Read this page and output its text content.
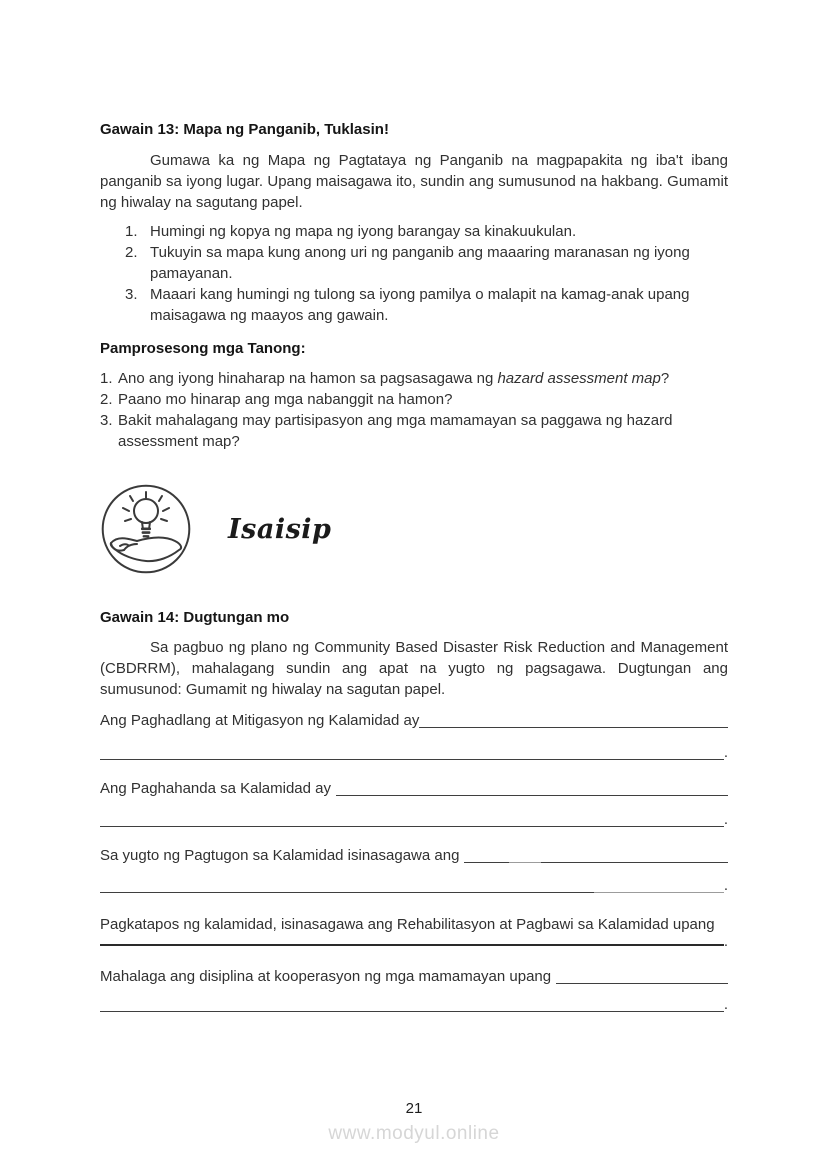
Gawain 13: Mapa ng Panganib, Tuklasin!

Gumawa ka ng Mapa ng Pagtataya ng Panganib na magpapakita ng iba't ibang panganib sa iyong lugar. Upang maisagawa ito, sundin ang sumusunod na hakbang. Gumamit ng hiwalay na sagutang papel.

1. Humingi ng kopya ng mapa ng iyong barangay sa kinakuukulan.
2. Tukuyin sa mapa kung anong uri ng panganib ang maaaring maranasan ng iyong pamayanan.
3. Maaari kang humingi ng tulong sa iyong pamilya o malapit na kamag-anak upang maisagawa ng maayos ang gawain.
Pamprosesong mga Tanong:
1. Ano ang iyong hinaharap na hamon sa pagsasagawa ng hazard assessment map?
2. Paano mo hinarap ang mga nabanggit na hamon?
3. Bakit mahalagang may partisipasyon ang mga mamamayan sa paggawa ng hazard assessment map?
Isaisip
Gawain 14: Dugtungan mo

Sa pagbuo ng plano ng Community Based Disaster Risk Reduction and Management (CBDRRM), mahalagang sundin ang apat na yugto ng pagsagawa. Dugtungan ang sumusunod: Gumamit ng hiwalay na sagutan papel.

Ang Paghadlang at Mitigasyon ng Kalamidad ay
.
Ang Paghahanda sa Kalamidad ay
.
Sa yugto ng Pagtugon sa Kalamidad isinasagawa ang
.
Pagkatapos ng kalamidad, isinasagawa ang Rehabilitasyon at Pagbawi sa Kalamidad upang
.
Mahalaga ang disiplina at kooperasyon ng mga mamamayan upang
.
21
www.modyul.online
